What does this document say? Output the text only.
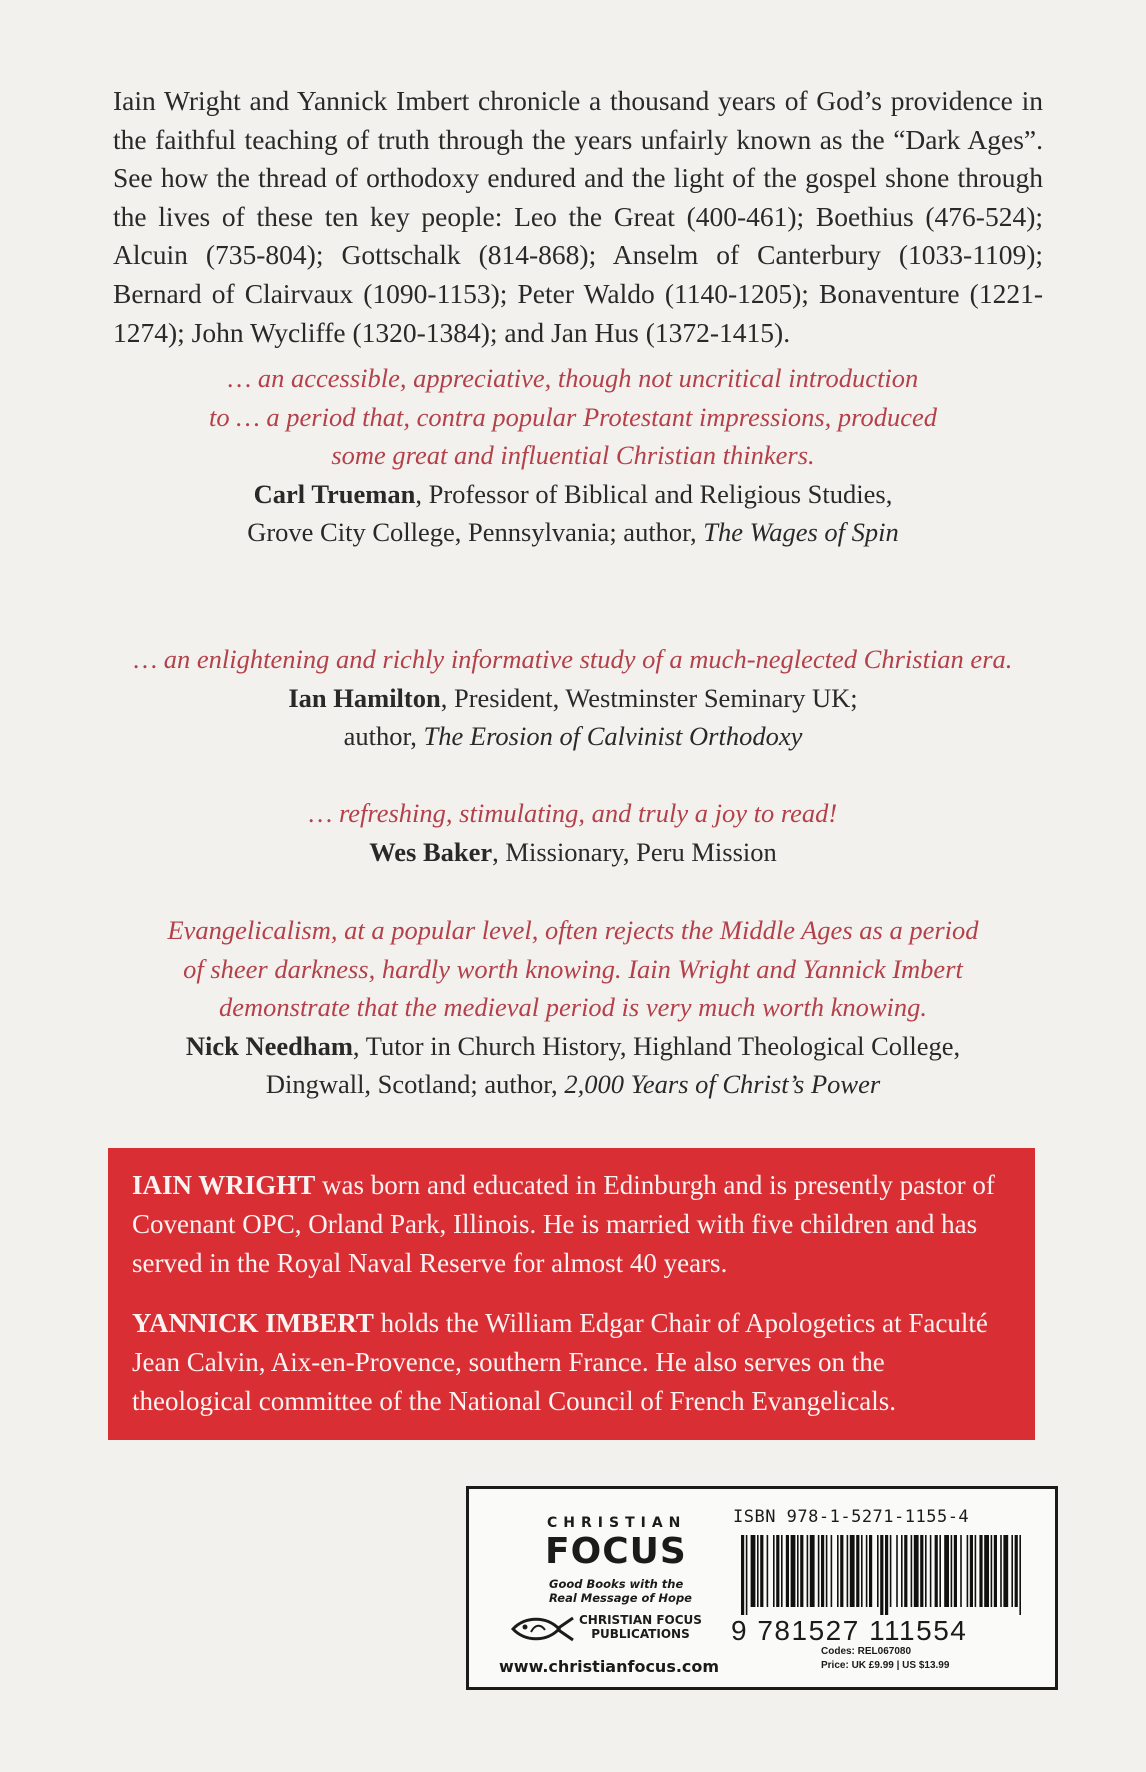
Iain Wright and Yannick Imbert chronicle a thousand years of God’s providence in the faithful teaching of truth through the years unfairly known as the “Dark Ages”. See how the thread of orthodoxy endured and the light of the gospel shone through the lives of these ten key people: Leo the Great (400-461); Boethius (476-524); Alcuin (735-804); Gottschalk (814-868); Anselm of Canterbury (1033-1109); Bernard of Clairvaux (1090-1153); Peter Waldo (1140-1205); Bonaventure (1221-1274); John Wycliffe (1320-1384); and Jan Hus (1372-1415).

… an accessible, appreciative, though not uncritical introduction

to … a period that, contra popular Protestant impressions, produced

some great and influential Christian thinkers.

Carl Trueman, Professor of Biblical and Religious Studies,

Grove City College, Pennsylvania; author, The Wages of Spin

… an enlightening and richly informative study of a much-neglected Christian era.

Ian Hamilton, President, Westminster Seminary UK;

author, The Erosion of Calvinist Orthodoxy

… refreshing, stimulating, and truly a joy to read!

Wes Baker, Missionary, Peru Mission

Evangelicalism, at a popular level, often rejects the Middle Ages as a period

of sheer darkness, hardly worth knowing. Iain Wright and Yannick Imbert

demonstrate that the medieval period is very much worth knowing.

Nick Needham, Tutor in Church History, Highland Theological College,

Dingwall, Scotland; author, 2,000 Years of Christ’s Power

IAIN WRIGHT was born and educated in Edinburgh and is presently pastor of Covenant OPC, Orland Park, Illinois. He is married with five children and has served in the Royal Naval Reserve for almost 40 years.

YANNICK IMBERT holds the William Edgar Chair of Apologetics at Faculté Jean Calvin, Aix-en-Provence, southern France. He also serves on the theological committee of the National Council of French Evangelicals.

CHRISTIAN
FOCUS
Good Books with the
Real Message of Hope
CHRISTIAN FOCUS
PUBLICATIONS
www.christianfocus.com
ISBN 978-1-5271-1155-4
9 781527 111554
Codes: REL067080
Price: UK £9.99 | US $13.99
